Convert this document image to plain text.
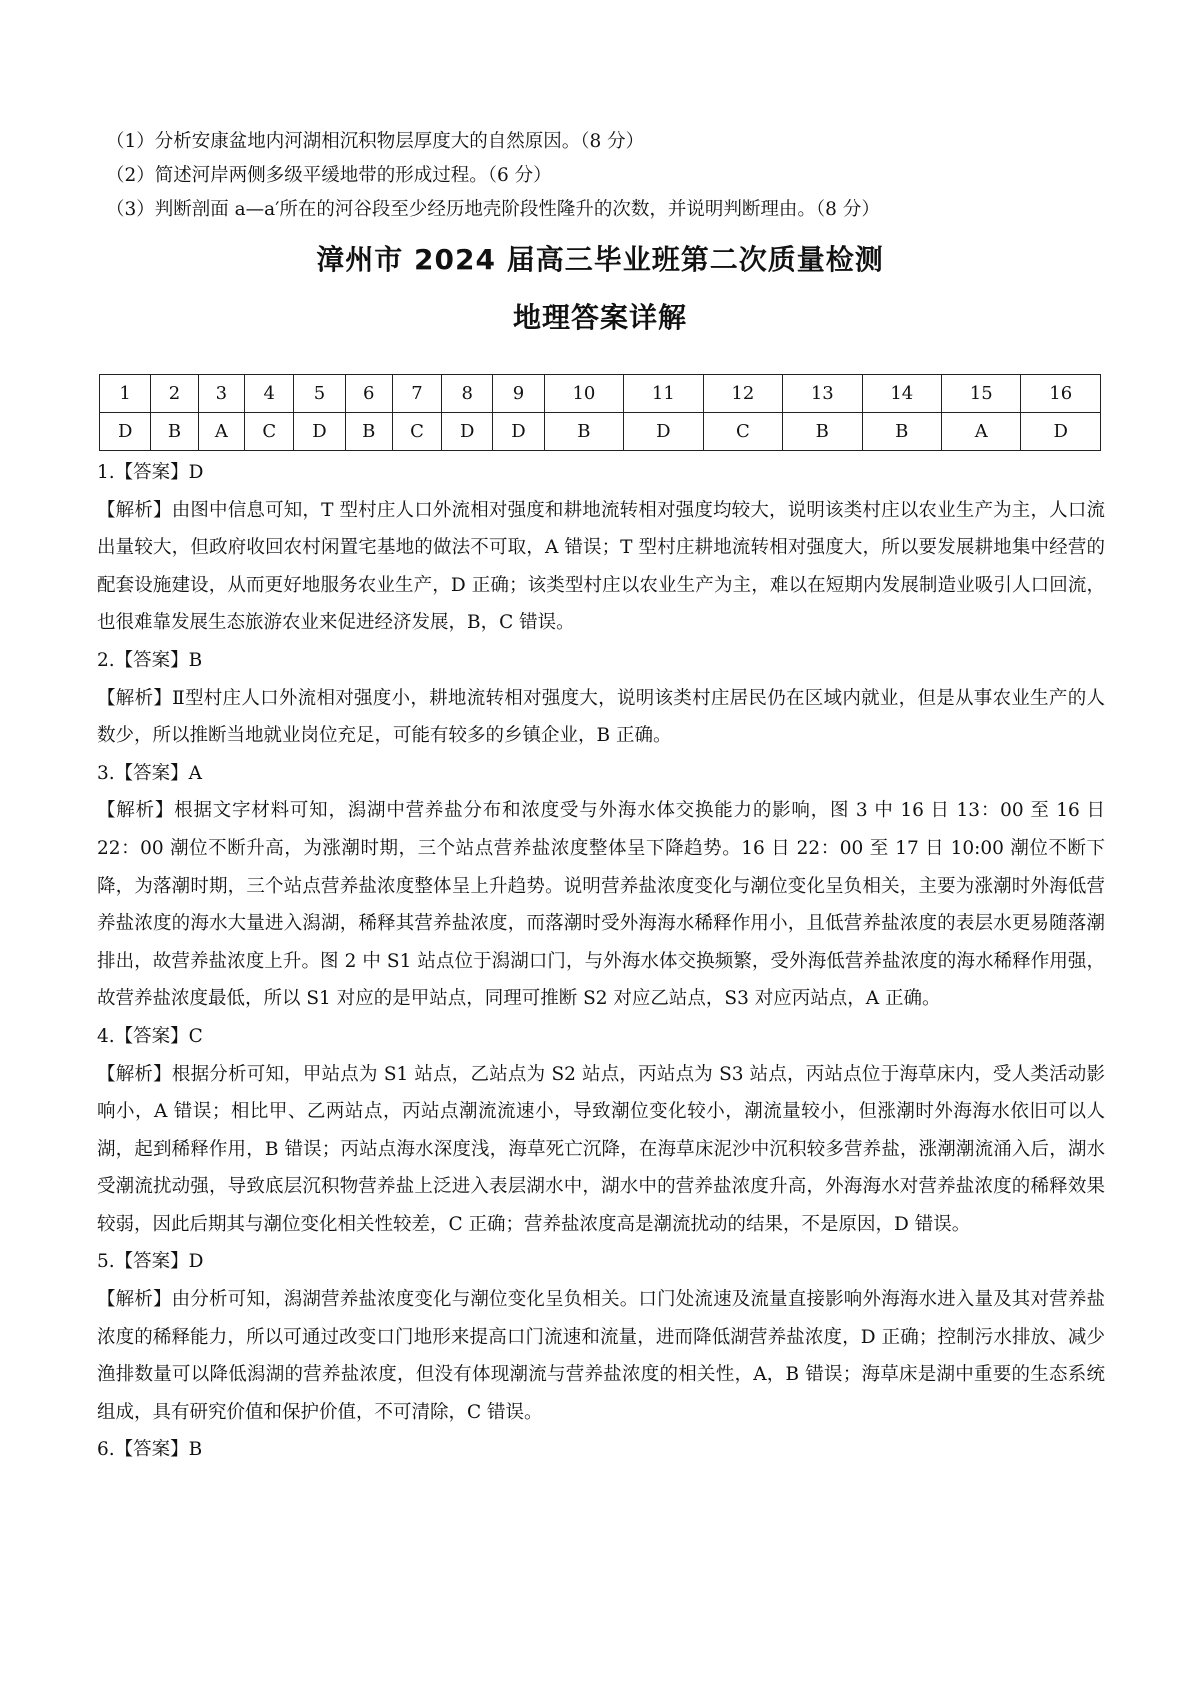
（1）分析安康盆地内河湖相沉积物层厚度大的自然原因。（8 分）
（2）简述河岸两侧多级平缓地带的形成过程。（6 分）
（3）判断剖面 a—a′所在的河谷段至少经历地壳阶段性隆升的次数，并说明判断理由。（8 分）
漳州市 2024 届高三毕业班第二次质量检测
地理答案详解
1	2	3	4	5	6	7	8	9	10	11	12	13	14	15	16
D	B	A	C	D	B	C	D	D	B	D	C	B	B	A	D

1.【答案】D

【解析】由图中信息可知，T 型村庄人口外流相对强度和耕地流转相对强度均较大，说明该类村庄以农业生产为主，人口流出量较大，但政府收回农村闲置宅基地的做法不可取，A 错误；T 型村庄耕地流转相对强度大，所以要发展耕地集中经营的配套设施建设，从而更好地服务农业生产，D 正确；该类型村庄以农业生产为主，难以在短期内发展制造业吸引人口回流，也很难靠发展生态旅游农业来促进经济发展，B，C 错误。

2.【答案】B

【解析】Ⅱ型村庄人口外流相对强度小，耕地流转相对强度大，说明该类村庄居民仍在区域内就业，但是从事农业生产的人数少，所以推断当地就业岗位充足，可能有较多的乡镇企业，B 正确。

3.【答案】A

【解析】根据文字材料可知，潟湖中营养盐分布和浓度受与外海水体交换能力的影响，图 3 中 16 日 13：00 至 16 日 22：00 潮位不断升高，为涨潮时期，三个站点营养盐浓度整体呈下降趋势。16 日 22：00 至 17 日 10:00 潮位不断下降，为落潮时期，三个站点营养盐浓度整体呈上升趋势。说明营养盐浓度变化与潮位变化呈负相关，主要为涨潮时外海低营养盐浓度的海水大量进入潟湖，稀释其营养盐浓度，而落潮时受外海海水稀释作用小，且低营养盐浓度的表层水更易随落潮排出，故营养盐浓度上升。图 2 中 S1 站点位于潟湖口门，与外海水体交换频繁，受外海低营养盐浓度的海水稀释作用强，故营养盐浓度最低，所以 S1 对应的是甲站点，同理可推断 S2 对应乙站点，S3 对应丙站点，A 正确。

4.【答案】C

【解析】根据分析可知，甲站点为 S1 站点，乙站点为 S2 站点，丙站点为 S3 站点，丙站点位于海草床内，受人类活动影响小，A 错误；相比甲、乙两站点，丙站点潮流流速小，导致潮位变化较小，潮流量较小，但涨潮时外海海水依旧可以人湖，起到稀释作用，B 错误；丙站点海水深度浅，海草死亡沉降，在海草床泥沙中沉积较多营养盐，涨潮潮流涌入后，湖水受潮流扰动强，导致底层沉积物营养盐上泛进入表层湖水中，湖水中的营养盐浓度升高，外海海水对营养盐浓度的稀释效果较弱，因此后期其与潮位变化相关性较差，C 正确；营养盐浓度高是潮流扰动的结果，不是原因，D 错误。

5.【答案】D

【解析】由分析可知，潟湖营养盐浓度变化与潮位变化呈负相关。口门处流速及流量直接影响外海海水进入量及其对营养盐浓度的稀释能力，所以可通过改变口门地形来提高口门流速和流量，进而降低湖营养盐浓度，D 正确；控制污水排放、减少渔排数量可以降低潟湖的营养盐浓度，但没有体现潮流与营养盐浓度的相关性，A，B 错误；海草床是湖中重要的生态系统组成，具有研究价值和保护价值，不可清除，C 错误。

6.【答案】B
